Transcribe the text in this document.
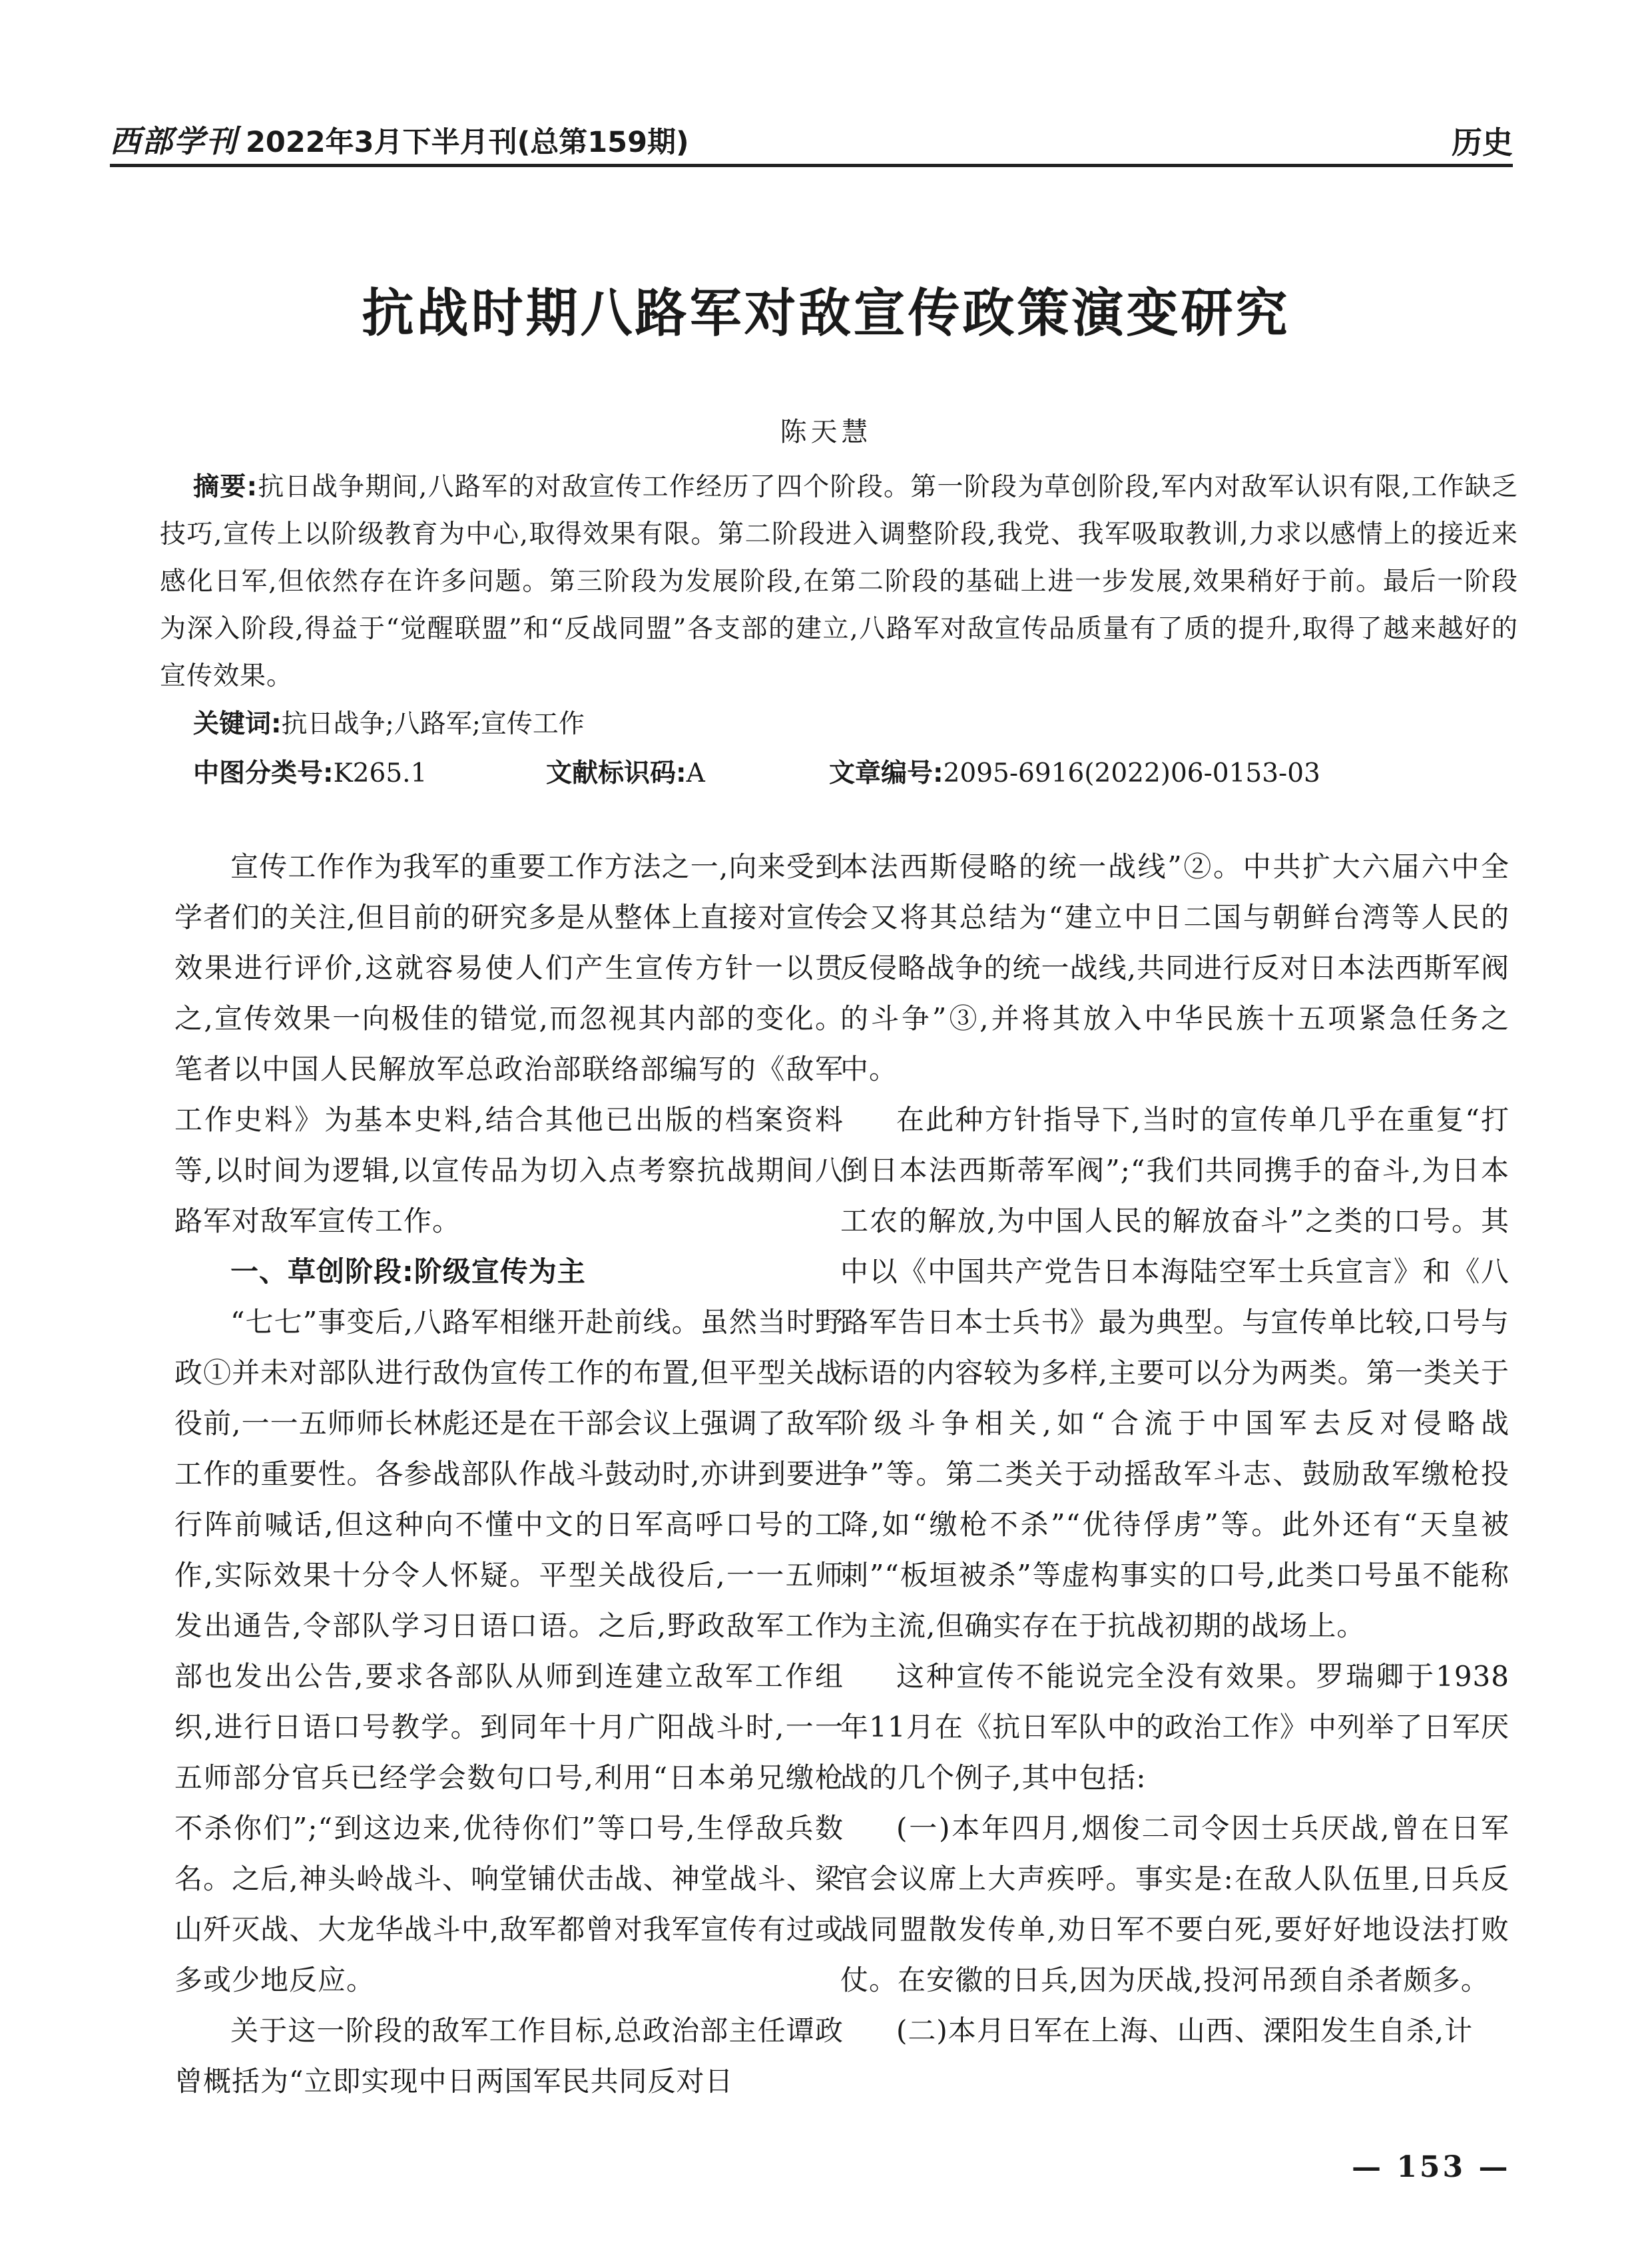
西部学刊 2022年3月下半月刊(总第159期)	历史
抗战时期八路军对敌宣传政策演变研究
陈天慧
摘要:抗日战争期间,八路军的对敌宣传工作经历了四个阶段。第一阶段为草创阶段,军内对敌军认识有限,工作缺乏技巧,宣传上以阶级教育为中心,取得效果有限。第二阶段进入调整阶段,我党、我军吸取教训,力求以感情上的接近来感化日军,但依然存在许多问题。第三阶段为发展阶段,在第二阶段的基础上进一步发展,效果稍好于前。最后一阶段为深入阶段,得益于“觉醒联盟”和“反战同盟”各支部的建立,八路军对敌宣传品质量有了质的提升,取得了越来越好的宣传效果。
关键词:抗日战争;八路军;宣传工作
中图分类号:K265.1	文献标识码:A	文章编号:2095-6916(2022)06-0153-03

宣传工作作为我军的重要工作方法之一,向来受到学者们的关注,但目前的研究多是从整体上直接对宣传效果进行评价,这就容易使人们产生宣传方针一以贯之,宣传效果一向极佳的错觉,而忽视其内部的变化。笔者以中国人民解放军总政治部联络部编写的《敌军工作史料》为基本史料,结合其他已出版的档案资料等,以时间为逻辑,以宣传品为切入点考察抗战期间八路军对敌军宣传工作。

一、草创阶段:阶级宣传为主

“七七”事变后,八路军相继开赴前线。虽然当时野政①并未对部队进行敌伪宣传工作的布置,但平型关战役前,一一五师师长林彪还是在干部会议上强调了敌军工作的重要性。各参战部队作战斗鼓动时,亦讲到要进行阵前喊话,但这种向不懂中文的日军高呼口号的工作,实际效果十分令人怀疑。平型关战役后,一一五师发出通告,令部队学习日语口语。之后,野政敌军工作部也发出公告,要求各部队从师到连建立敌军工作组织,进行日语口号教学。到同年十月广阳战斗时,一一五师部分官兵已经学会数句口号,利用“日本弟兄缴枪不杀你们”;“到这边来,优待你们”等口号,生俘敌兵数名。之后,神头岭战斗、响堂铺伏击战、神堂战斗、梁山歼灭战、大龙华战斗中,敌军都曾对我军宣传有过或多或少地反应。

关于这一阶段的敌军工作目标,总政治部主任谭政曾概括为“立即实现中日两国军民共同反对日

本法西斯侵略的统一战线”②。中共扩大六届六中全会又将其总结为“建立中日二国与朝鲜台湾等人民的反侵略战争的统一战线,共同进行反对日本法西斯军阀的斗争”③,并将其放入中华民族十五项紧急任务之中。

在此种方针指导下,当时的宣传单几乎在重复“打倒日本法西斯蒂军阀”;“我们共同携手的奋斗,为日本工农的解放,为中国人民的解放奋斗”之类的口号。其中以《中国共产党告日本海陆空军士兵宣言》和《八路军告日本士兵书》最为典型。与宣传单比较,口号与标语的内容较为多样,主要可以分为两类。第一类关于阶级斗争相关,如“合流于中国军去反对侵略战争”等。第二类关于动摇敌军斗志、鼓励敌军缴枪投降,如“缴枪不杀”“优待俘虏”等。此外还有“天皇被刺”“板垣被杀”等虚构事实的口号,此类口号虽不能称为主流,但确实存在于抗战初期的战场上。

这种宣传不能说完全没有效果。罗瑞卿于1938年11月在《抗日军队中的政治工作》中列举了日军厌战的几个例子,其中包括:

(一)本年四月,烟俊二司令因士兵厌战,曾在日军官会议席上大声疾呼。事实是:在敌人队伍里,日兵反战同盟散发传单,劝日军不要白死,要好好地设法打败仗。在安徽的日兵,因为厌战,投河吊颈自杀者颇多。

(二)本月日军在上海、山西、溧阳发生自杀,计

— 153 —
